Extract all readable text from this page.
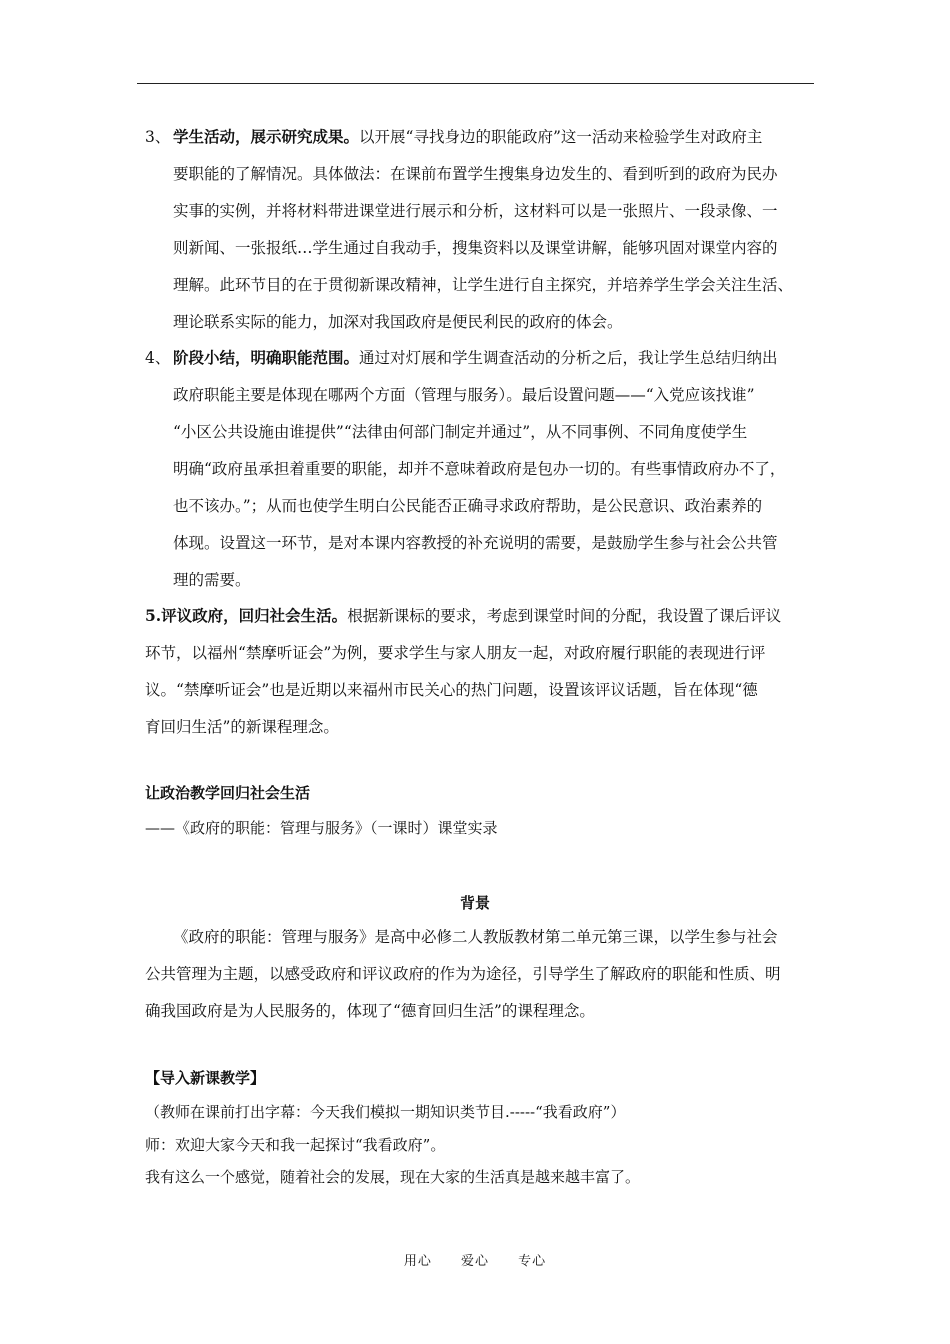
3、 学生活动，展示研究成果。以开展“寻找身边的职能政府”这一活动来检验学生对政府主
要职能的了解情况。具体做法：在课前布置学生搜集身边发生的、看到听到的政府为民办
实事的实例，并将材料带进课堂进行展示和分析，这材料可以是一张照片、一段录像、一
则新闻、一张报纸…学生通过自我动手，搜集资料以及课堂讲解，能够巩固对课堂内容的
理解。此环节目的在于贯彻新课改精神，让学生进行自主探究，并培养学生学会关注生活、
理论联系实际的能力，加深对我国政府是便民利民的政府的体会。
4、 阶段小结，明确职能范围。通过对灯展和学生调查活动的分析之后，我让学生总结归纳出
政府职能主要是体现在哪两个方面（管理与服务）。最后设置问题——“入党应该找谁”
“小区公共设施由谁提供”“法律由何部门制定并通过”，从不同事例、不同角度使学生
明确“政府虽承担着重要的职能，却并不意味着政府是包办一切的。有些事情政府办不了，
也不该办。”；从而也使学生明白公民能否正确寻求政府帮助，是公民意识、政治素养的
体现。设置这一环节，是对本课内容教授的补充说明的需要，是鼓励学生参与社会公共管
理的需要。
5.评议政府，回归社会生活。根据新课标的要求，考虑到课堂时间的分配，我设置了课后评议
环节，以福州“禁摩听证会”为例，要求学生与家人朋友一起，对政府履行职能的表现进行评
议。“禁摩听证会”也是近期以来福州市民关心的热门问题，设置该评议话题，旨在体现“德
育回归生活”的新课程理念。
让政治教学回归社会生活
——《政府的职能：管理与服务》（一课时）课堂实录
背景
《政府的职能：管理与服务》是高中必修二人教版教材第二单元第三课，以学生参与社会
公共管理为主题，以感受政府和评议政府的作为为途径，引导学生了解政府的职能和性质、明
确我国政府是为人民服务的，体现了“德育回归生活”的课程理念。
【导入新课教学】
（教师在课前打出字幕：今天我们模拟一期知识类节目.-----“我看政府”）
师：欢迎大家今天和我一起探讨“我看政府”。
我有这么一个感觉，随着社会的发展，现在大家的生活真是越来越丰富了。
用心 爱心 专心
